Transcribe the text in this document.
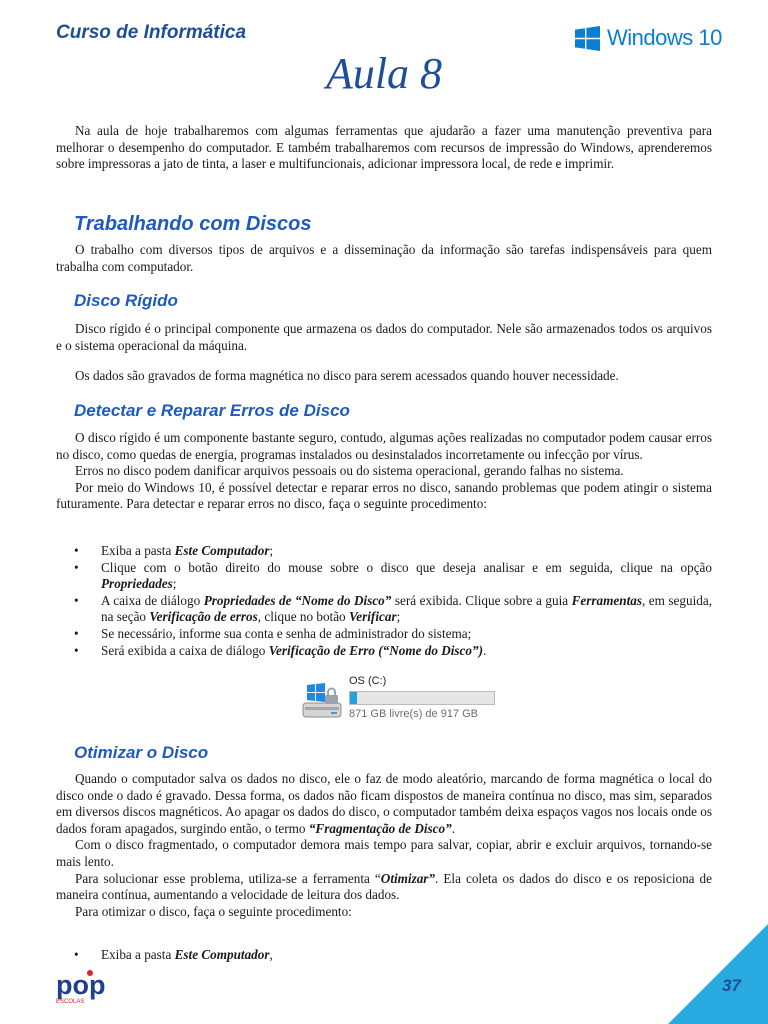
Curso de Informática	Windows 10
Aula 8

Na aula de hoje trabalharemos com algumas ferramentas que ajudarão a fazer uma manutenção preventiva para melhorar o desempenho do computador. E também trabalharemos com recursos de impressão do Windows, aprenderemos sobre impressoras a jato de tinta, a laser e multifuncionais, adicionar impressora local, de rede e imprimir.

Trabalhando com Discos

O trabalho com diversos tipos de arquivos e a disseminação da informação são tarefas indispensáveis para quem trabalha com computador.

Disco Rígido

Disco rígido é o principal componente que armazena os dados do computador. Nele são armazenados todos os arquivos e o sistema operacional da máquina.

Os dados são gravados de forma magnética no disco para serem acessados quando houver necessidade.

Detectar e Reparar Erros de Disco

O disco rígido é um componente bastante seguro, contudo, algumas ações realizadas no computador podem causar erros no disco, como quedas de energia, programas instalados ou desinstalados incorretamente ou infecção por vírus.

Erros no disco podem danificar arquivos pessoais ou do sistema operacional, gerando falhas no sistema.

Por meio do Windows 10, é possível detectar e reparar erros no disco, sanando problemas que podem atingir o sistema futuramente. Para detectar e reparar erros no disco, faça o seguinte procedimento:

• Exiba a pasta Este Computador;
• Clique com o botão direito do mouse sobre o disco que deseja analisar e em seguida, clique na opção Propriedades;
• A caixa de diálogo Propriedades de “Nome do Disco” será exibida. Clique sobre a guia Ferramentas, em seguida, na seção Verificação de erros, clique no botão Verificar;
• Se necessário, informe sua conta e senha de administrador do sistema;
• Será exibida a caixa de diálogo Verificação de Erro (“Nome do Disco”).
OS (C:)
871 GB livre(s) de 917 GB
Otimizar o Disco

Quando o computador salva os dados no disco, ele o faz de modo aleatório, marcando de forma magnética o local do disco onde o dado é gravado. Dessa forma, os dados não ficam dispostos de maneira contínua no disco, mas sim, separados em diversos discos magnéticos. Ao apagar os dados do disco, o computador também deixa espaços vagos nos locais onde os dados foram apagados, surgindo então, o termo “Fragmentação de Disco”.

Com o disco fragmentado, o computador demora mais tempo para salvar, copiar, abrir e excluir arquivos, tornando-se mais lento.

Para solucionar esse problema, utiliza-se a ferramenta “Otimizar”. Ela coleta os dados do disco e os reposiciona de maneira contínua, aumentando a velocidade de leitura dos dados.

Para otimizar o disco, faça o seguinte procedimento:

• Exiba a pasta Este Computador,
pop
ESCOLAS
37
